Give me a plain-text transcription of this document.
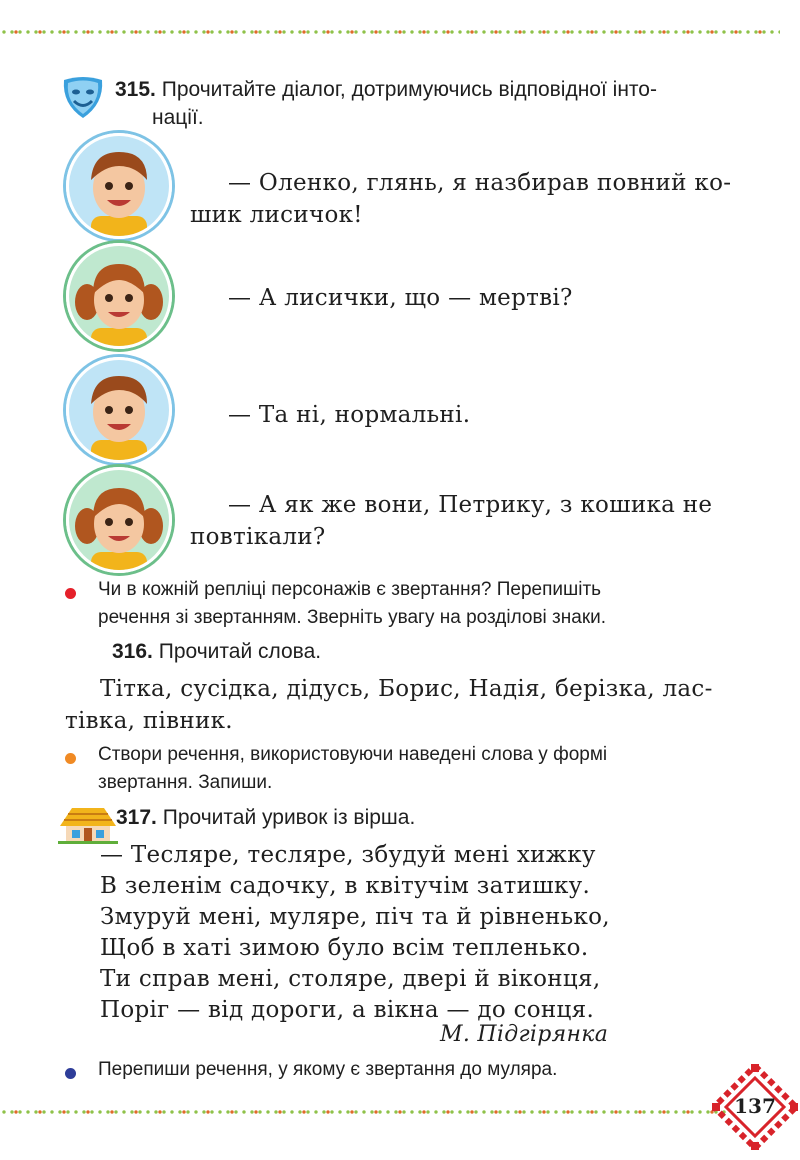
315. Прочитайте діалог, дотримуючись відповідної інто-
нації.
— Оленко, глянь, я назбирав повний ко-
шик лисичок!
— А лисички, що — мертві?
— Та ні, нормальні.
— А як же вони, Петрику, з кошика не
повтікали?
Чи в кожній репліці персонажів є звертання? Перепишіть
речення зі звертанням. Зверніть увагу на розділові знаки.
316. Прочитай слова.
Тітка, сусідка, дідусь, Борис, Надія, берізка, лас-
тівка, півник.
Створи речення, використовуючи наведені слова у формі
звертання. Запиши.
317. Прочитай уривок із вірша.
— Тесляре, тесляре, збудуй мені хижку
В зеленім садочку, в квітучім затишку.
Змуруй мені, муляре, піч та й рівненько,
Щоб в хаті зимою було всім тепленько.
Ти справ мені, столяре, двері й віконця,
Поріг — від дороги, а вікна — до сонця.
М. Підгірянка
Перепиши речення, у якому є звертання до муляра.
137
